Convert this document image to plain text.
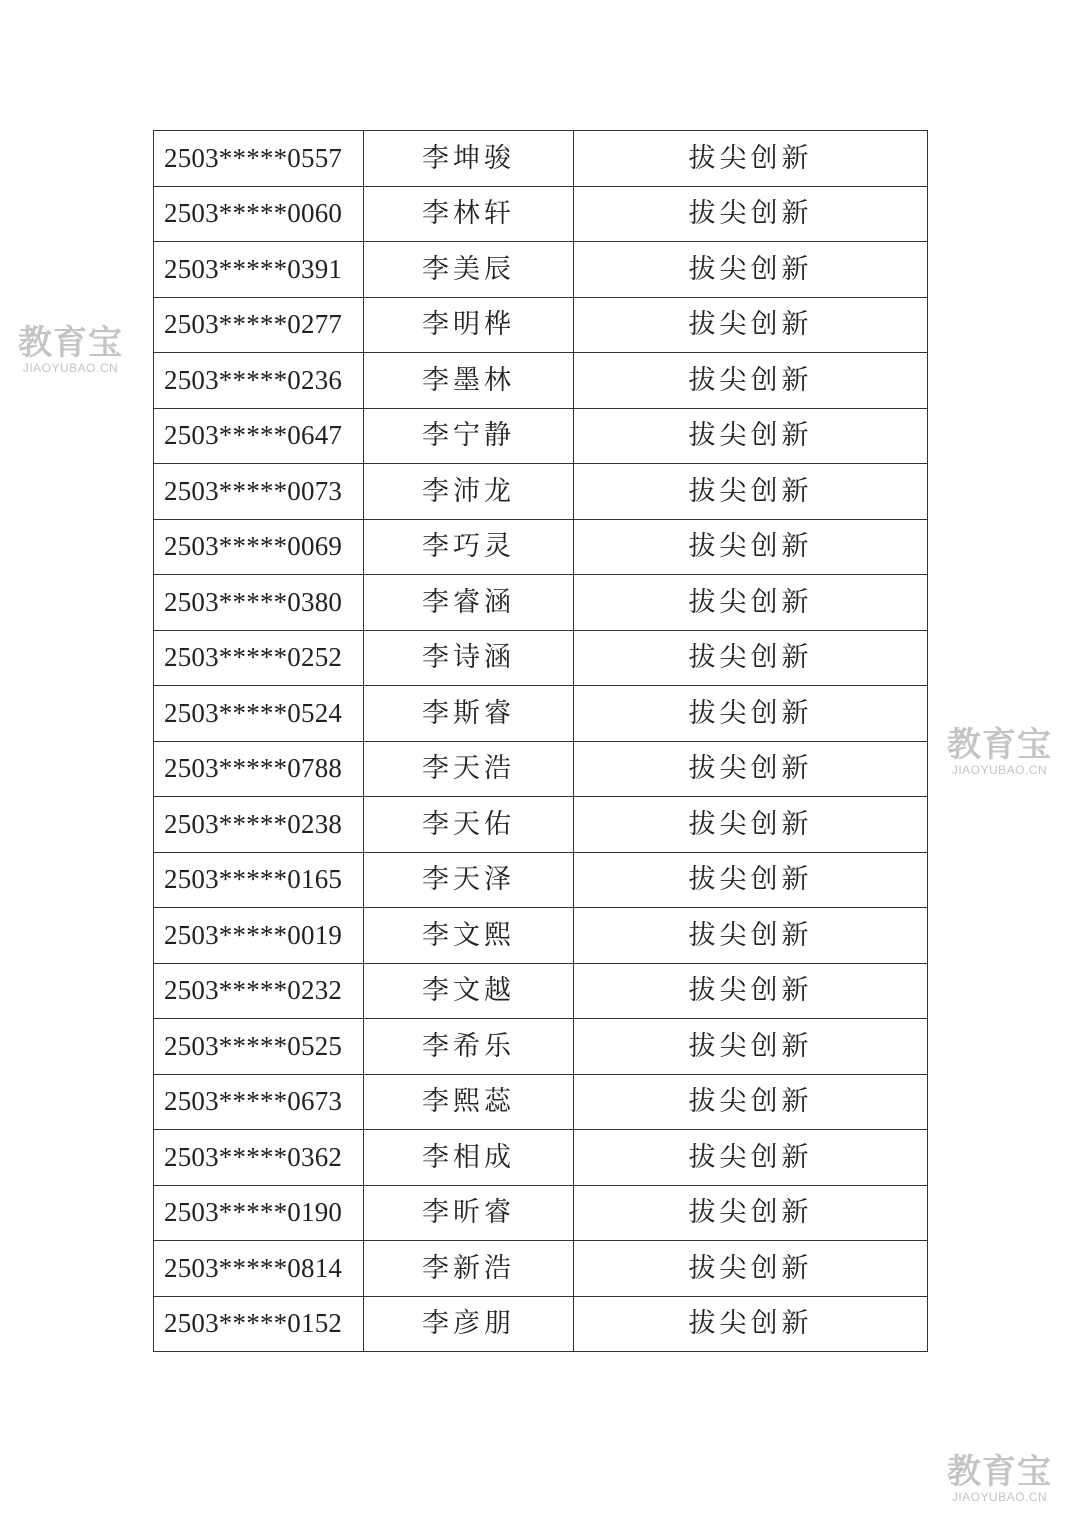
教育宝
JIAOYUBAO.CN
教育宝
JIAOYUBAO.CN
教育宝
JIAOYUBAO.CN
2503*****0557	李坤骏	拔尖创新
2503*****0060	李林轩	拔尖创新
2503*****0391	李美辰	拔尖创新
2503*****0277	李明桦	拔尖创新
2503*****0236	李墨林	拔尖创新
2503*****0647	李宁静	拔尖创新
2503*****0073	李沛龙	拔尖创新
2503*****0069	李巧灵	拔尖创新
2503*****0380	李睿涵	拔尖创新
2503*****0252	李诗涵	拔尖创新
2503*****0524	李斯睿	拔尖创新
2503*****0788	李天浩	拔尖创新
2503*****0238	李天佑	拔尖创新
2503*****0165	李天泽	拔尖创新
2503*****0019	李文熙	拔尖创新
2503*****0232	李文越	拔尖创新
2503*****0525	李希乐	拔尖创新
2503*****0673	李熙蕊	拔尖创新
2503*****0362	李相成	拔尖创新
2503*****0190	李昕睿	拔尖创新
2503*****0814	李新浩	拔尖创新
2503*****0152	李彦朋	拔尖创新
